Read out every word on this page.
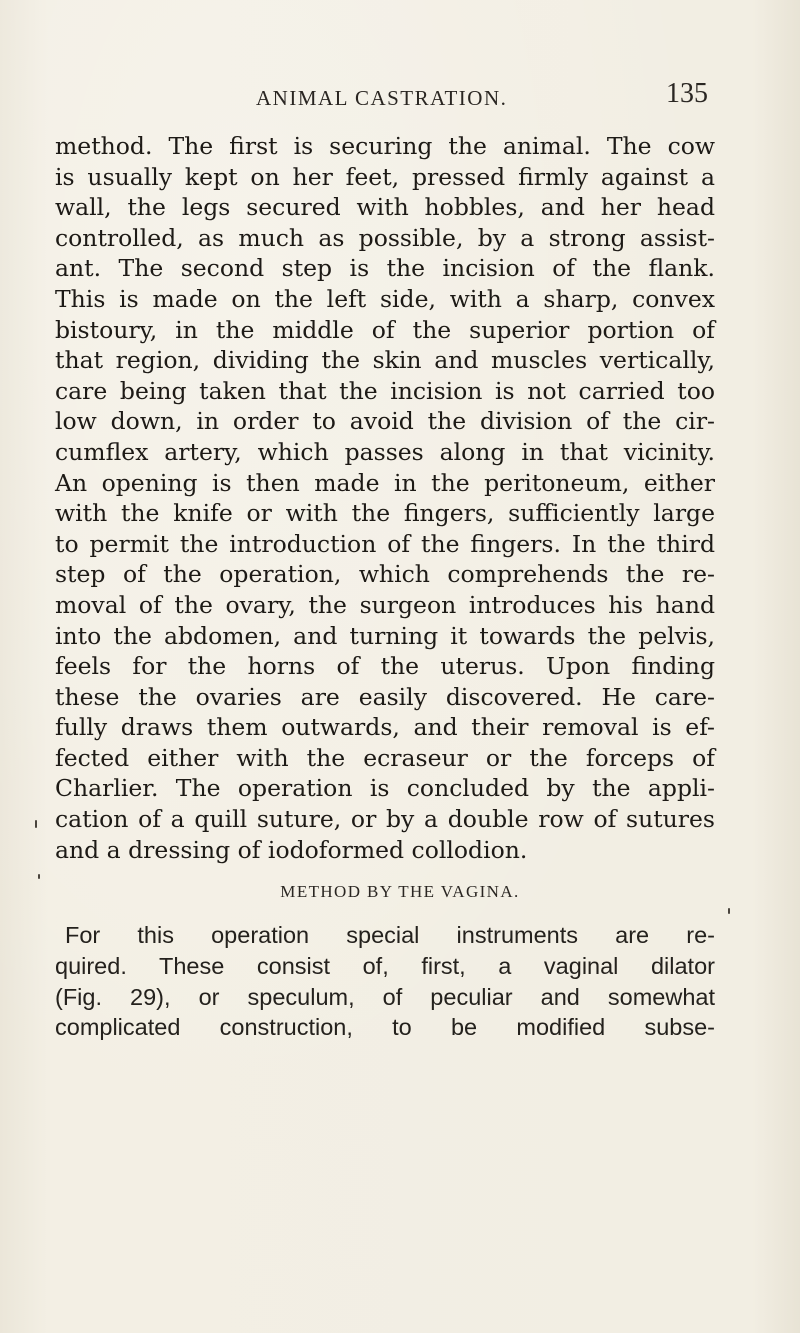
ANIMAL CASTRATION.	135
method. The first is securing the animal. The cow
is usually kept on her feet, pressed firmly against a
wall, the legs secured with hobbles, and her head
controlled, as much as possible, by a strong assist-
ant. The second step is the incision of the flank.
This is made on the left side, with a sharp, convex
bistoury, in the middle of the superior portion of
that region, dividing the skin and muscles vertically,
care being taken that the incision is not carried too
low down, in order to avoid the division of the cir-
cumflex artery, which passes along in that vicinity.
An opening is then made in the peritoneum, either
with the knife or with the fingers, sufficiently large
to permit the introduction of the fingers. In the third
step of the operation, which comprehends the re-
moval of the ovary, the surgeon introduces his hand
into the abdomen, and turning it towards the pelvis,
feels for the horns of the uterus. Upon finding
these the ovaries are easily discovered. He care-
fully draws them outwards, and their removal is ef-
fected either with the ecraseur or the forceps of
Charlier. The operation is concluded by the appli-
cation of a quill suture, or by a double row of sutures
and a dressing of iodoformed collodion.
METHOD BY THE VAGINA.
For this operation special instruments are re-
quired. These consist of, first, a vaginal dilator
(Fig. 29), or speculum, of peculiar and somewhat
complicated construction, to be modified subse-
